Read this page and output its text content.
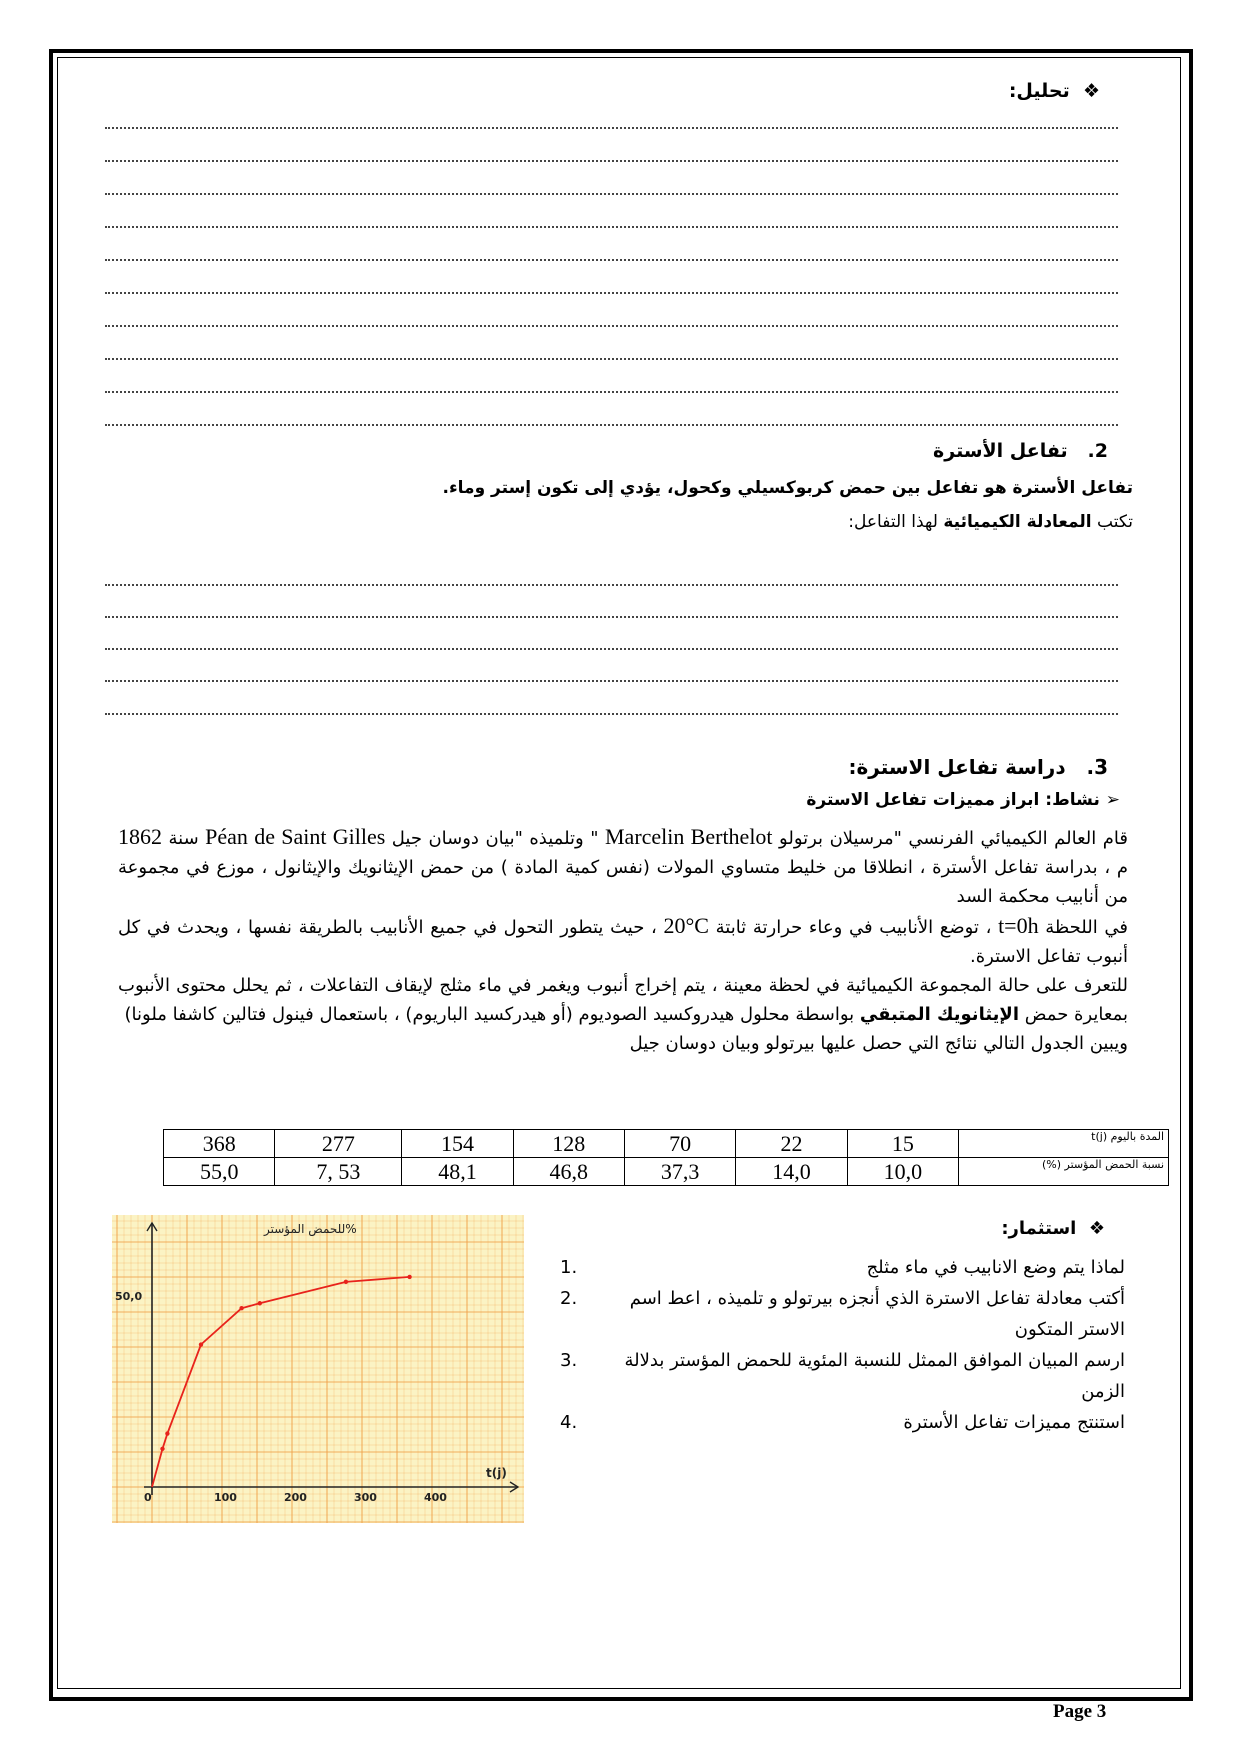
❖  تحليل:
2.   تفاعل الأسترة
تفاعل الأسترة هو تفاعل بين حمض كربوكسيلي وكحول، يؤدي إلى تكون إستر وماء.
تكتب المعادلة الكيميائية لهذا التفاعل:
3.   دراسة تفاعل الاسترة:
➢ نشاط: ابراز مميزات تفاعل الاسترة

قام العالم الكيميائي الفرنسي "مرسيلان برتولو Marcelin Berthelot " وتلميذه "بيان دوسان جيل Péan de Saint Gilles سنة 1862 م ، بدراسة تفاعل الأسترة ، انطلاقا من خليط متساوي المولات (نفس كمية المادة ) من حمض الإيثانويك والإيثانول ، موزع في مجموعة من أنابيب محكمة السد

في اللحظة t=0h ، توضع الأنابيب في وعاء حرارتة ثابتة 20°C ، حيث يتطور التحول في جميع الأنابيب بالطريقة نفسها ، ويحدث في كل أنبوب تفاعل الاسترة.

للتعرف على حالة المجموعة الكيميائية في لحظة معينة ، يتم إخراج أنبوب ويغمر في ماء مثلج لإيقاف التفاعلات ، ثم يحلل محتوى الأنبوب بمعايرة حمض الإيثانويك المتبقي بواسطة محلول هيدروكسيد الصوديوم (أو هيدركسيد الباريوم) ، باستعمال فينول فتالين كاشفا ملونا)

ويبين الجدول التالي نتائج التي حصل عليها بيرتولو وبيان دوسان جيل

المدة باليوم t(j)	15	22	70	128	154	277	368
نسبة الحمض المؤستر (%)	10,0	14,0	37,3	46,8	48,1	53 ,7	55,0
❖  استثمار:
لماذا يتم وضع الانابيب في ماء مثلج
1.
أكتب معادلة تفاعل الاسترة الذي أنجزه بيرتولو و تلميذه ، اعط اسم الاستر المتكون
2.
ارسم المبيان الموافق الممثل للنسبة المئوية للحمض المؤستر بدلالة الزمن
3.
استنتج مميزات تفاعل الأسترة
4.
0	100	200	300	400
50,0
t(j)
%للحمض المؤستر
Page 3
